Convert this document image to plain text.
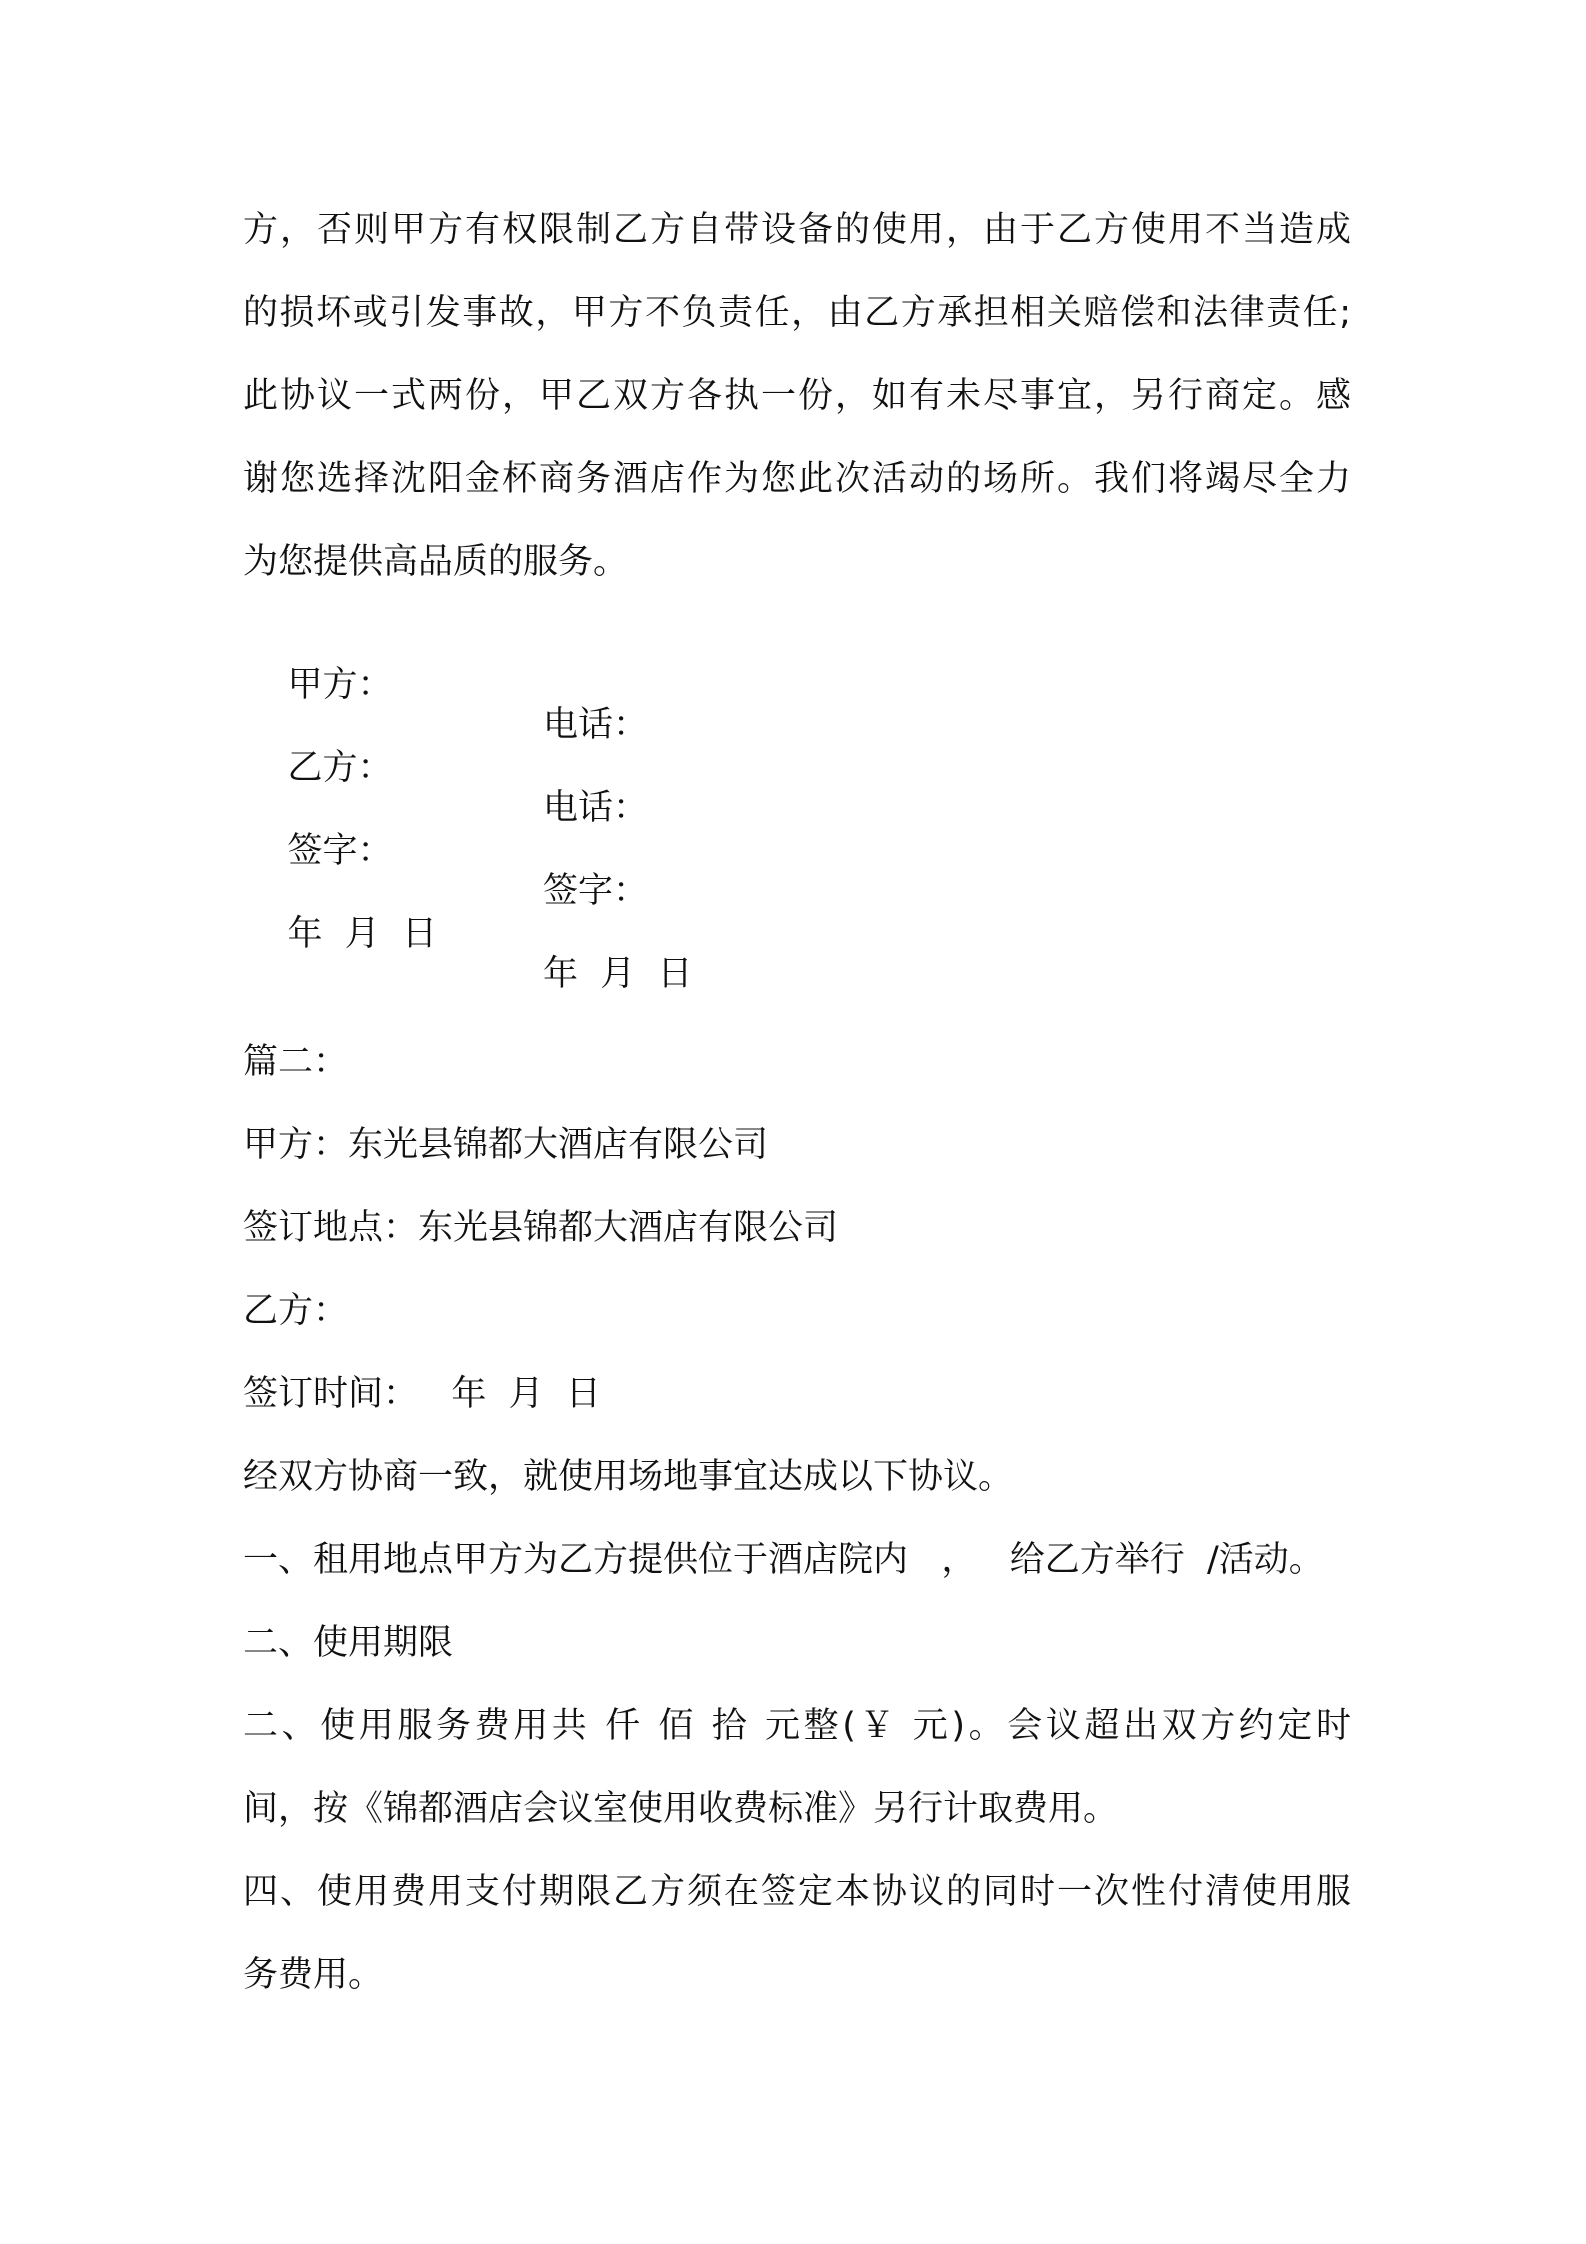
方，否则甲方有权限制乙方自带设备的使用，由于乙方使用不当造成
的损坏或引发事故，甲方不负责任，由乙方承担相关赔偿和法律责任;
此协议一式两份，甲乙双方各执一份，如有未尽事宜，另行商定。感
谢您选择沈阳金杯商务酒店作为您此次活动的场所。我们将竭尽全力
为您提供高品质的服务。

甲方：

电话：

乙方：

电话：

签字：

签字：

年  月  日

年  月  日

篇二：
甲方：东光县锦都大酒店有限公司
签订地点：东光县锦都大酒店有限公司
乙方：
签订时间：   年  月  日
经双方协商一致，就使用场地事宜达成以下协议。
一、租用地点甲方为乙方提供位于酒店院内   ，   给乙方举行  /活动。
二、使用期限
二、使用服务费用共 仟 佰 拾 元整(￥ 元)。会议超出双方约定时
间，按《锦都酒店会议室使用收费标准》另行计取费用。
四、使用费用支付期限乙方须在签定本协议的同时一次性付清使用服
务费用。
